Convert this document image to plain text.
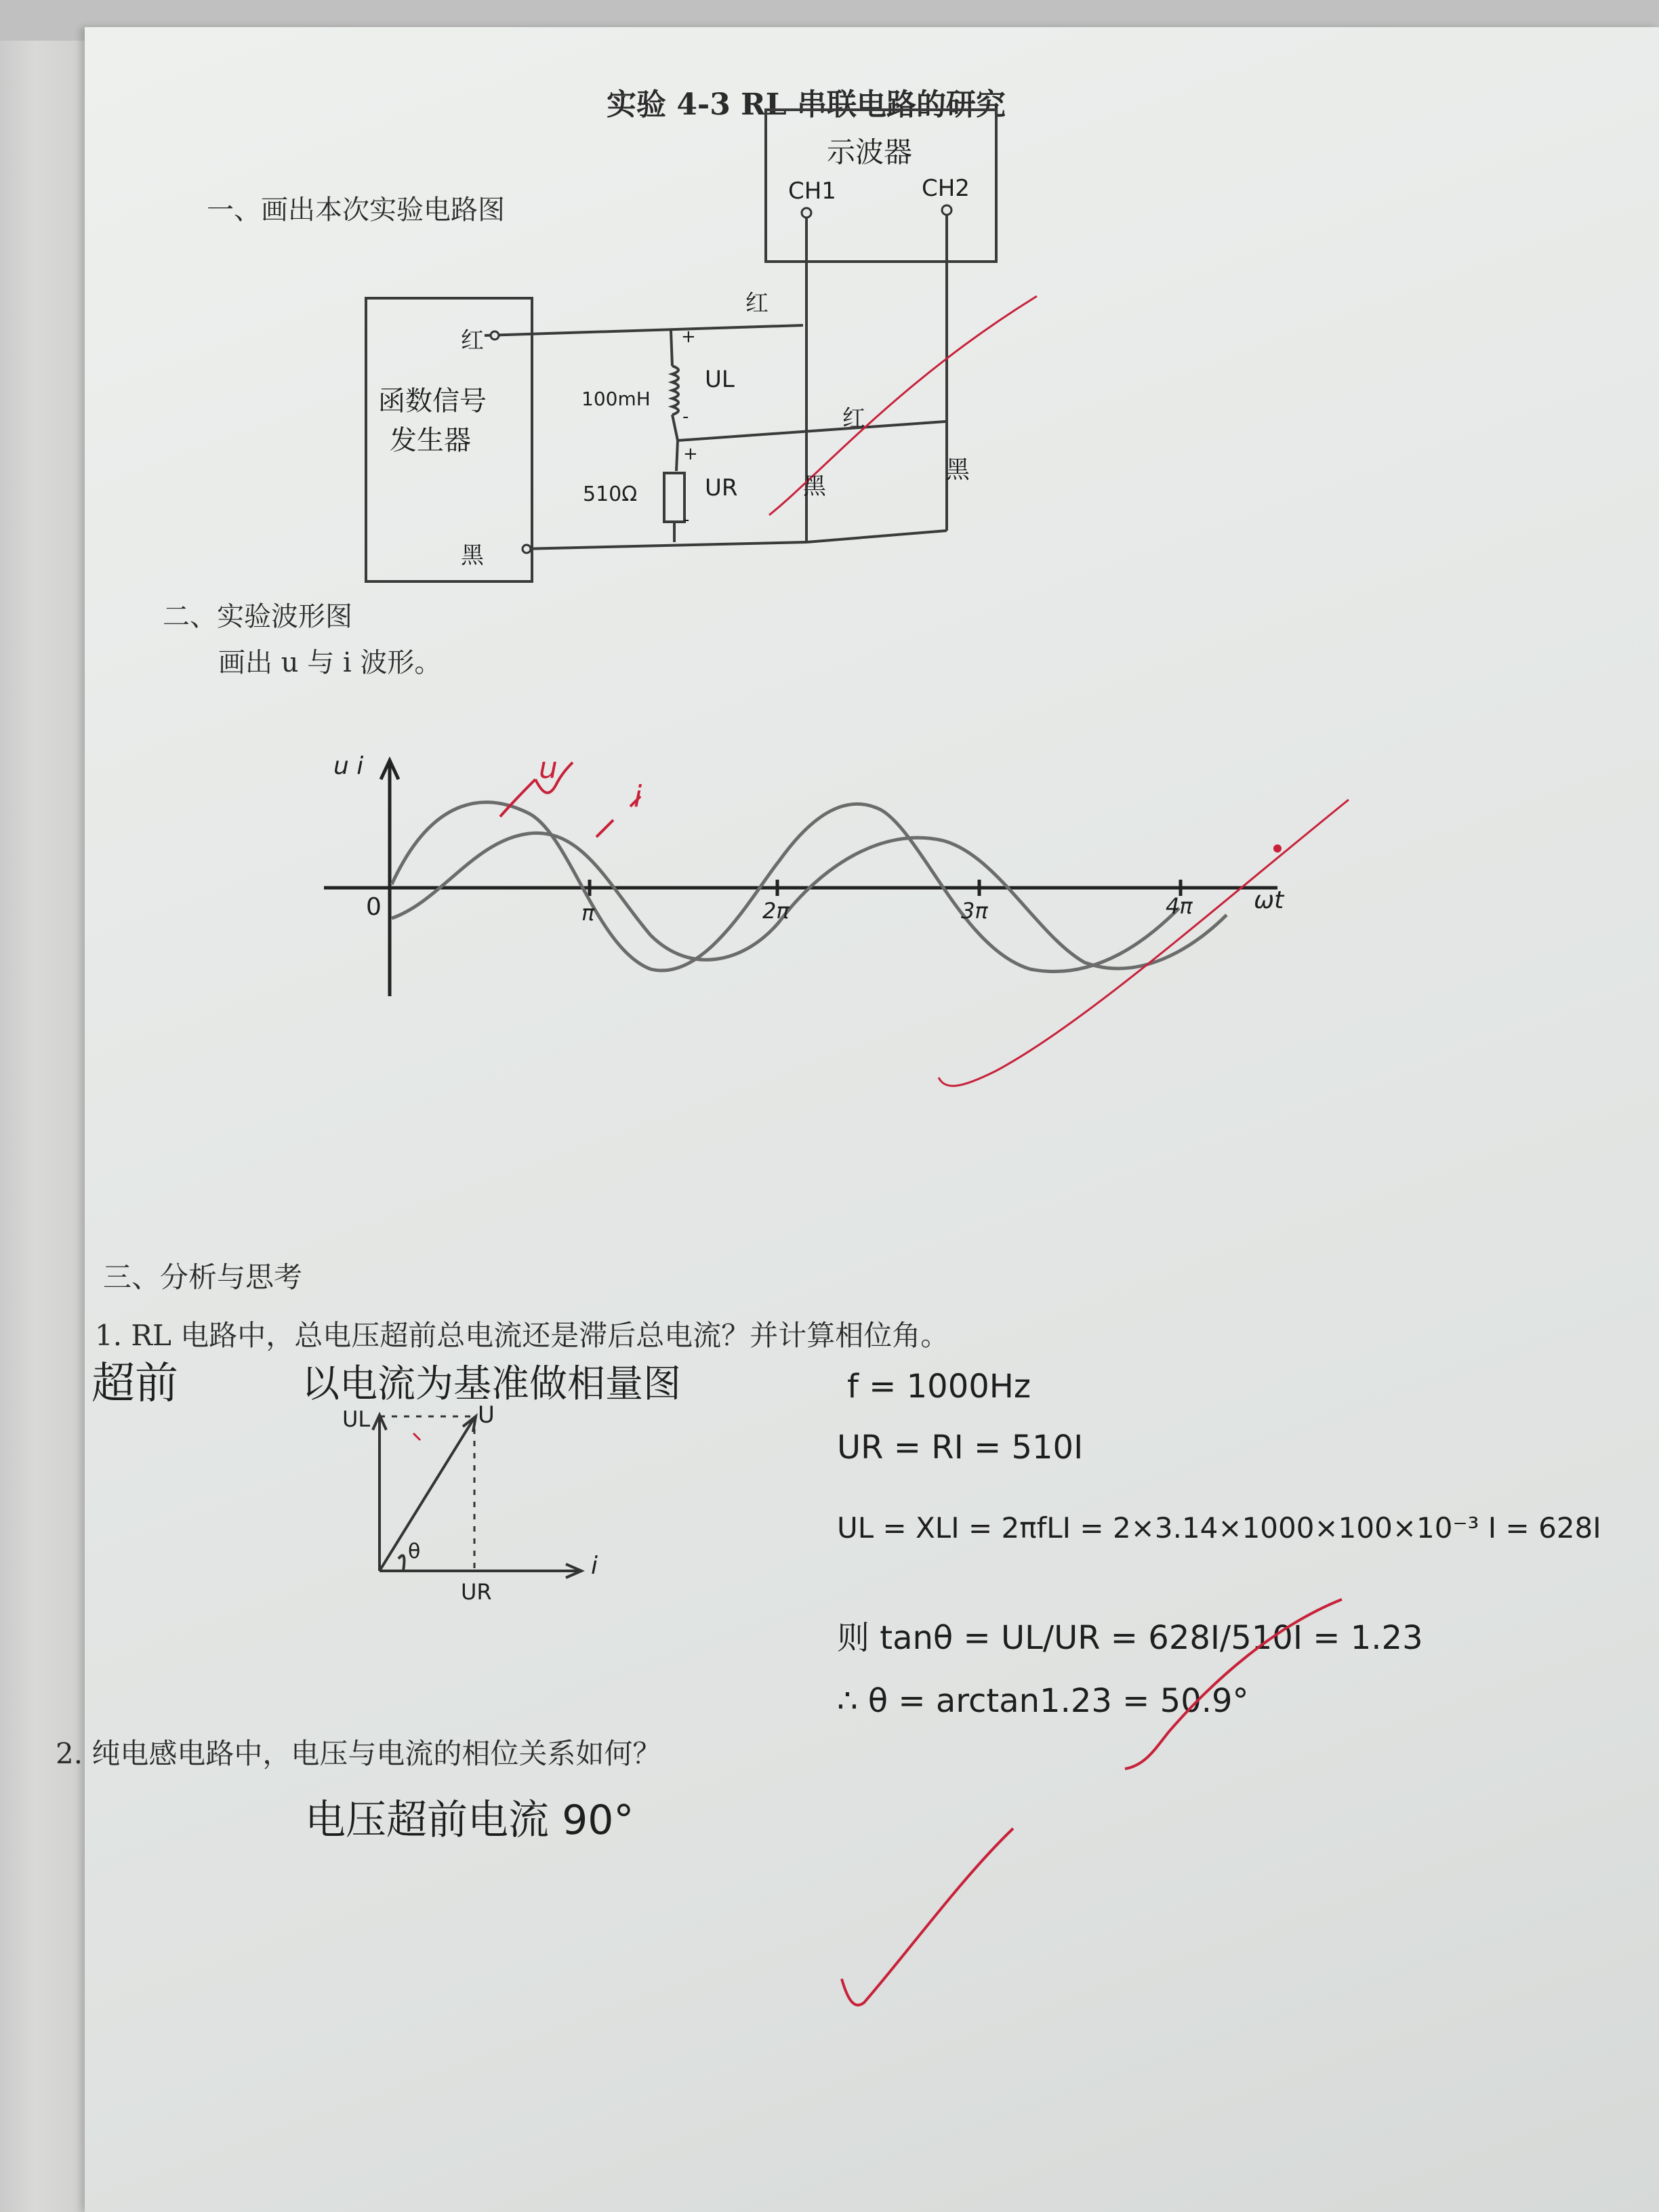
实验 4-3 RL 串联电路的研究
一、画出本次实验电路图
二、实验波形图
画出 u 与 i 波形。
三、分析与思考
1. RL 电路中，总电压超前总电流还是滞后总电流？并计算相位角。
2. 纯电感电路中，电压与电流的相位关系如何？
示波器
CH1	CH2
函数信号
发生器
红
红
红
黑
黑
黑
100mH
UL
510Ω	UR
+
-
+
-
u i
ωt
0	π	2π	3π	4π
u
i
超前	以电流为基准做相量图
UL	U
θ
UR
i
f = 1000Hz
UR = RI = 510I
UL = XLI = 2πfLI = 2×3.14×1000×100×10⁻³ I = 628I
则 tanθ = UL/UR = 628I/510I = 1.23
∴ θ = arctan1.23 = 50.9°
电压超前电流 90°
